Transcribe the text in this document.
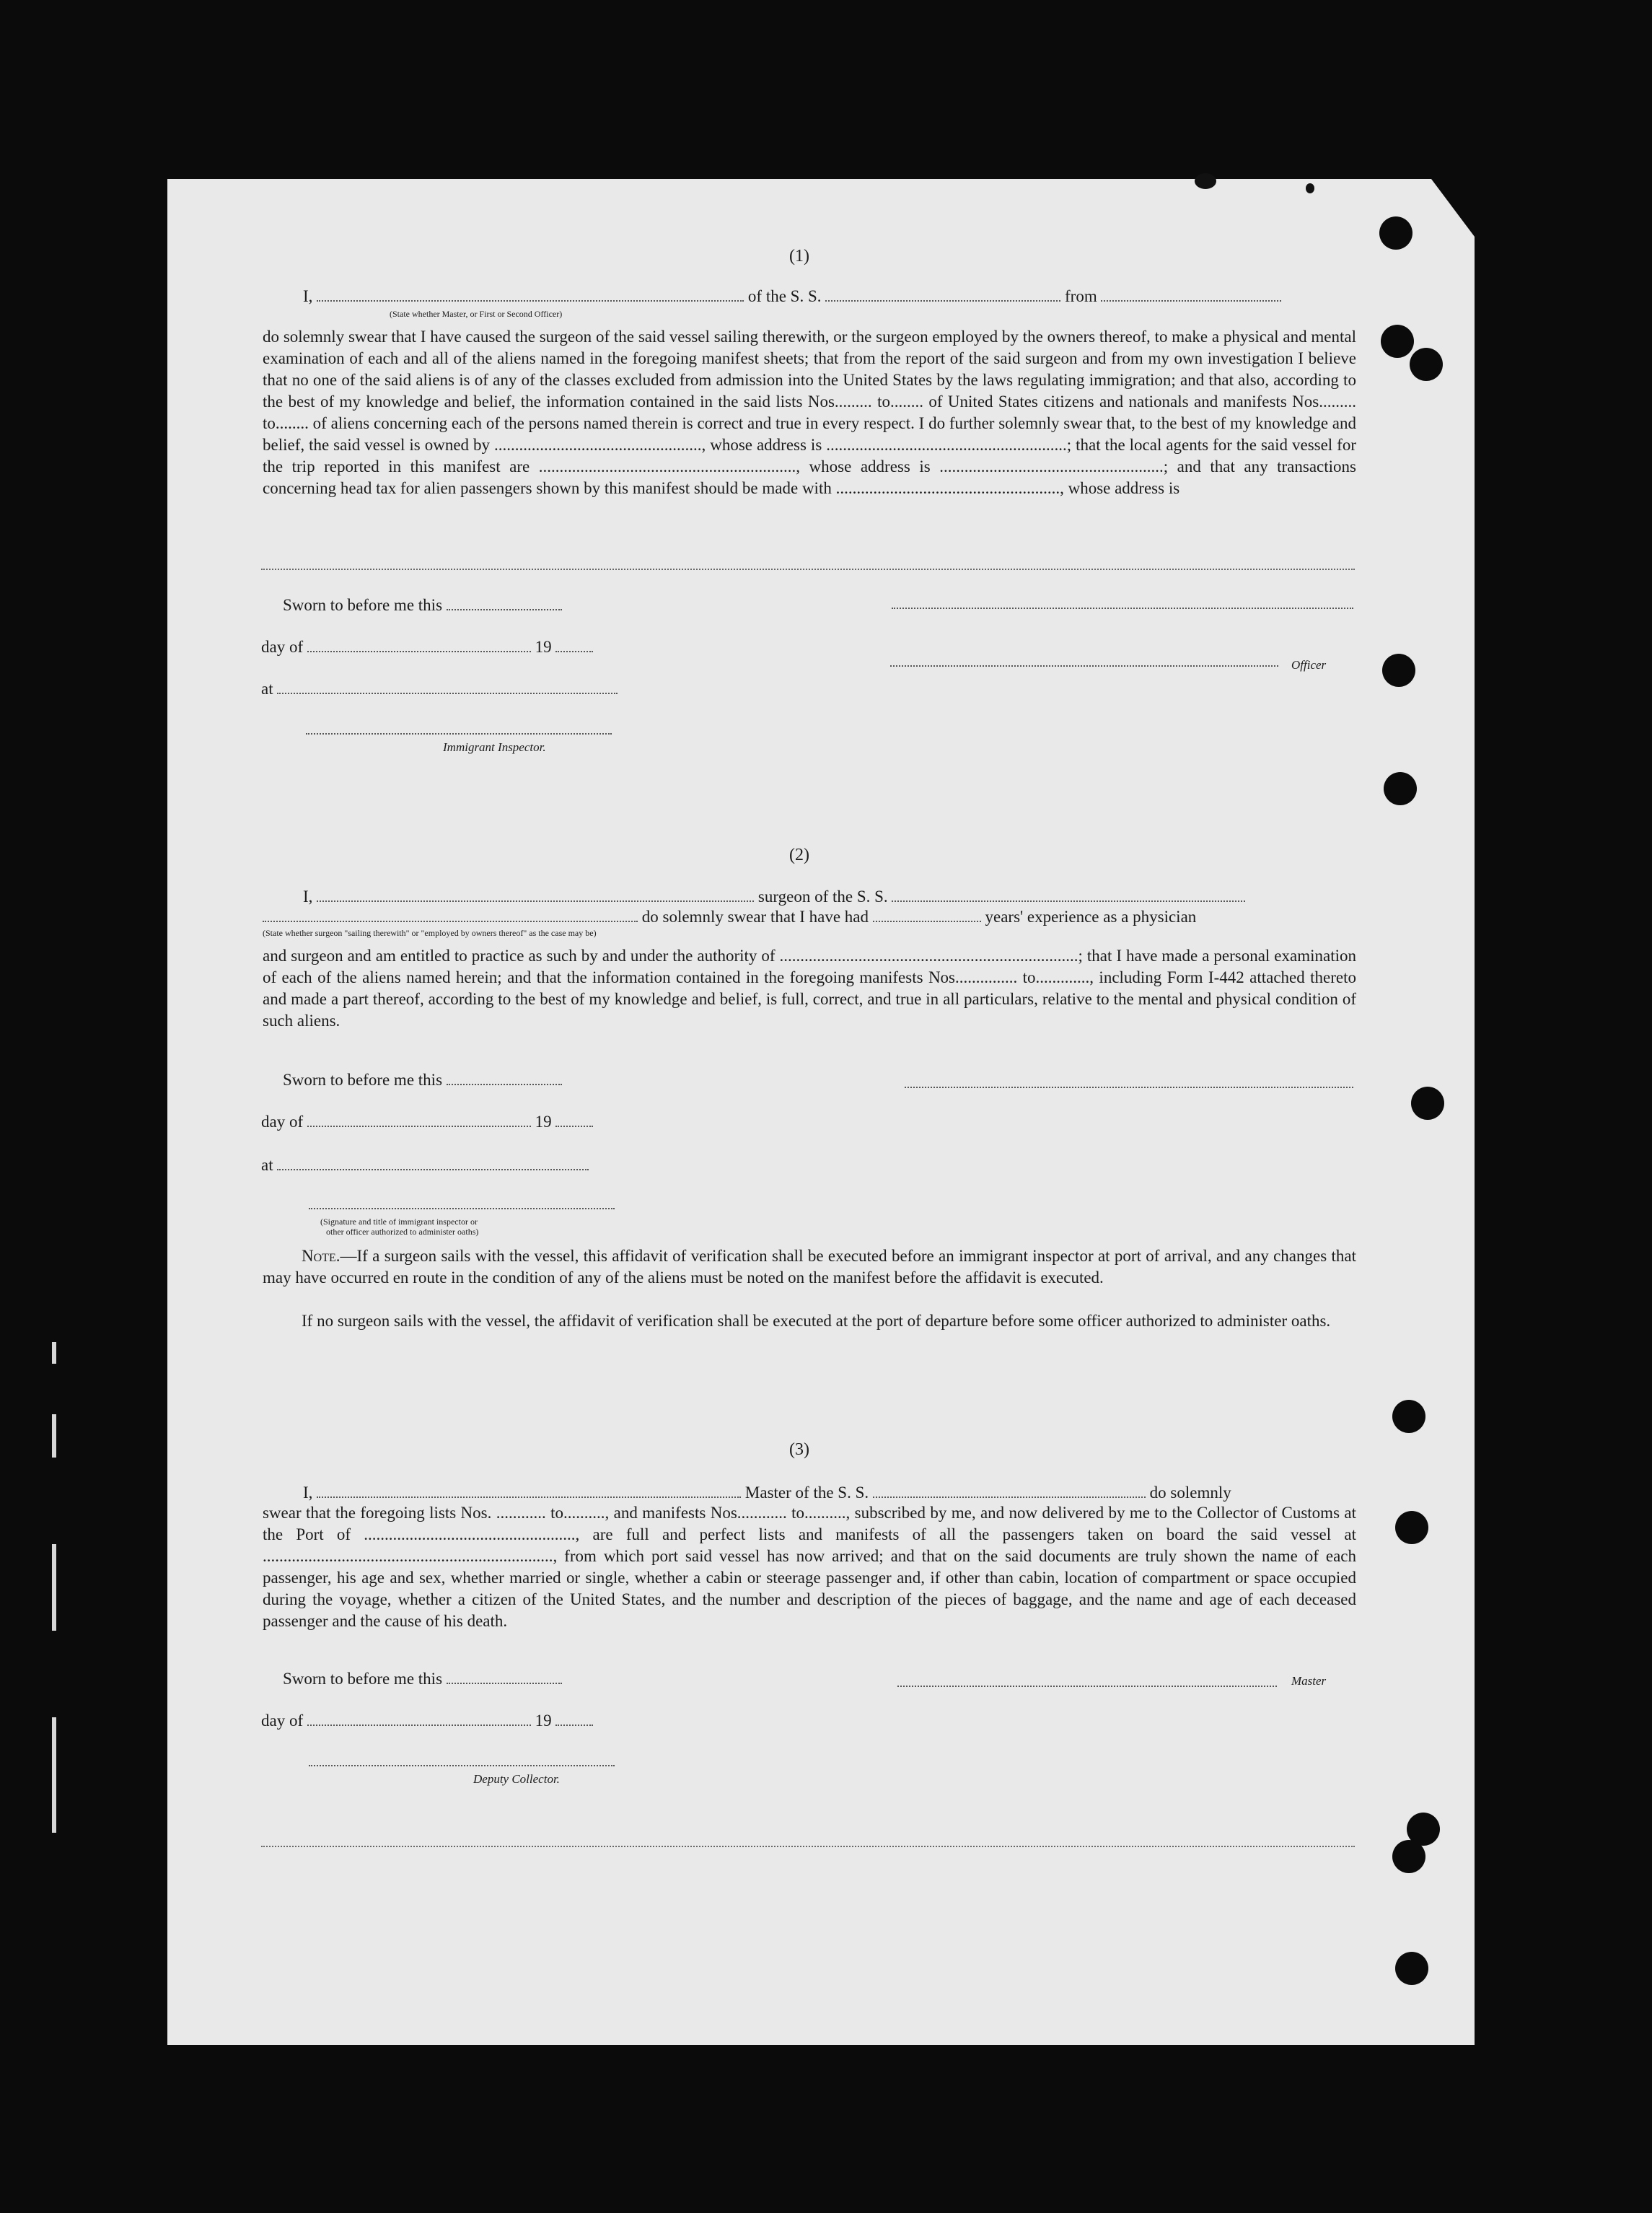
(1)
I,	of the S. S.	from
(State whether Master, or First or Second Officer)
do solemnly swear that I have caused the surgeon of the said vessel sailing therewith, or the surgeon employed by the owners thereof, to make a physical and mental examination of each and all of the aliens named in the foregoing manifest sheets; that from the report of the said surgeon and from my own investigation I believe that no one of the said aliens is of any of the classes excluded from admission into the United States by the laws regulating immigration; and that also, according to the best of my knowledge and belief, the information contained in the said lists Nos......... to........ of United States citizens and nationals and manifests Nos......... to........ of aliens concerning each of the persons named therein is correct and true in every respect. I do further solemnly swear that, to the best of my knowledge and belief, the said vessel is owned by .................................................., whose address is ..........................................................; that the local agents for the said vessel for the trip reported in this manifest are .............................................................., whose address is ......................................................; and that any transactions concerning head tax for alien passengers shown by this manifest should be made with ......................................................, whose address is
Sworn to before me this
day of	19
Officer
at
Immigrant Inspector.
(2)
I,	surgeon of the S. S.
do solemnly swear that I have had	years' experience as a physician
(State whether surgeon "sailing therewith" or "employed by owners thereof" as the case may be)
and surgeon and am entitled to practice as such by and under the authority of ........................................................................; that I have made a personal examination of each of the aliens named herein; and that the information contained in the foregoing manifests Nos............... to............., including Form I-442 attached thereto and made a part thereof, according to the best of my knowledge and belief, is full, correct, and true in all particulars, relative to the mental and physical condition of such aliens.
Sworn to before me this
day of	19
at
(Signature and title of immigrant inspector or
other officer authorized to administer oaths)
Note.—If a surgeon sails with the vessel, this affidavit of verification shall be executed before an immigrant inspector at port of arrival, and any changes that may have occurred en route in the condition of any of the aliens must be noted on the manifest before the affidavit is executed.
If no surgeon sails with the vessel, the affidavit of verification shall be executed at the port of departure before some officer authorized to administer oaths.
(3)
I,	Master of the S. S.	do solemnly
swear that the foregoing lists Nos. ............ to.........., and manifests Nos............ to.........., subscribed by me, and now delivered by me to the Collector of Customs at the Port of ..................................................., are full and perfect lists and manifests of all the passengers taken on board the said vessel at ......................................................................, from which port said vessel has now arrived; and that on the said documents are truly shown the name of each passenger, his age and sex, whether married or single, whether a cabin or steerage passenger and, if other than cabin, location of compartment or space occupied during the voyage, whether a citizen of the United States, and the number and description of the pieces of baggage, and the name and age of each deceased passenger and the cause of his death.
Sworn to before me this	Master
day of	19
Deputy Collector.
